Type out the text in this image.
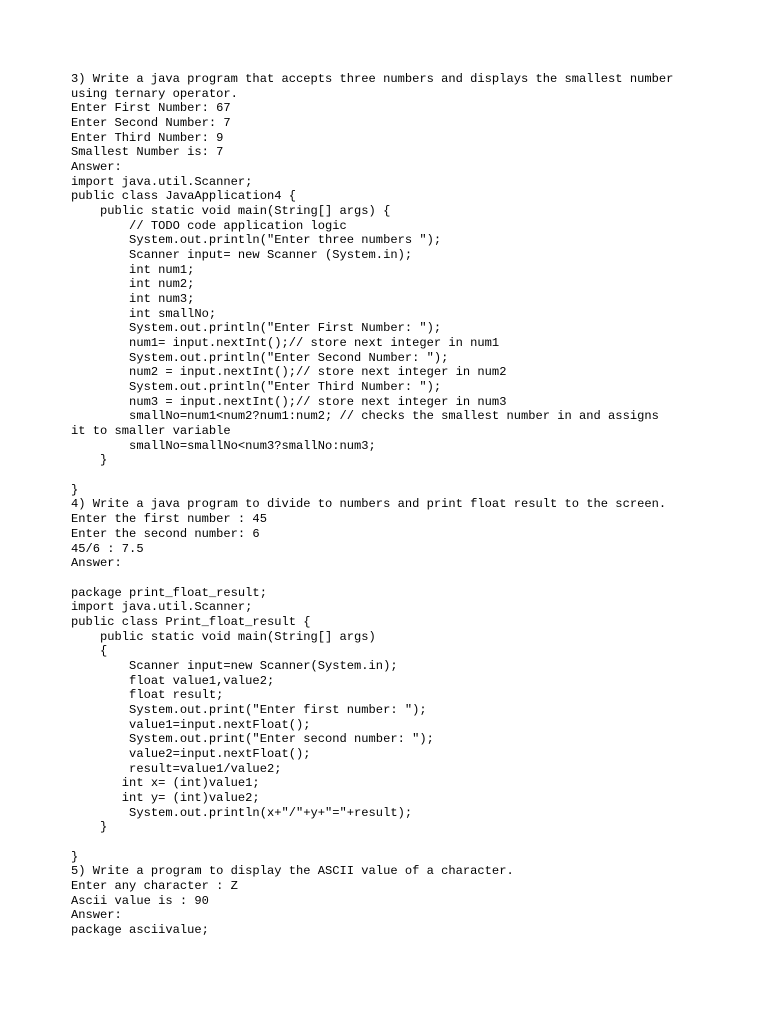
3) Write a java program that accepts three numbers and displays the smallest number

using ternary operator.

Enter First Number: 67

Enter Second Number: 7

Enter Third Number: 9

Smallest Number is: 7

Answer:

import java.util.Scanner;

public class JavaApplication4 {

public static void main(String[] args) {

// TODO code application logic

System.out.println("Enter three numbers ");

Scanner input= new Scanner (System.in);

int num1;

int num2;

int num3;

int smallNo;

System.out.println("Enter First Number: ");

num1= input.nextInt();// store next integer in num1

System.out.println("Enter Second Number: ");

num2 = input.nextInt();// store next integer in num2

System.out.println("Enter Third Number: ");

num3 = input.nextInt();// store next integer in num3

smallNo=num1<num2?num1:num2; // checks the smallest number in and assigns

it to smaller variable

smallNo=smallNo<num3?smallNo:num3;

}

}

4) Write a java program to divide to numbers and print float result to the screen.

Enter the first number : 45

Enter the second number: 6

45/6 : 7.5

Answer:

package print_float_result;

import java.util.Scanner;

public class Print_float_result {

public static void main(String[] args)

{

Scanner input=new Scanner(System.in);

float value1,value2;

float result;

System.out.print("Enter first number: ");

value1=input.nextFloat();

System.out.print("Enter second number: ");

value2=input.nextFloat();

result=value1/value2;

int x= (int)value1;

int y= (int)value2;

System.out.println(x+"/"+y+"="+result);

}

}

5) Write a program to display the ASCII value of a character.

Enter any character : Z

Ascii value is : 90

Answer:

package asciivalue;
